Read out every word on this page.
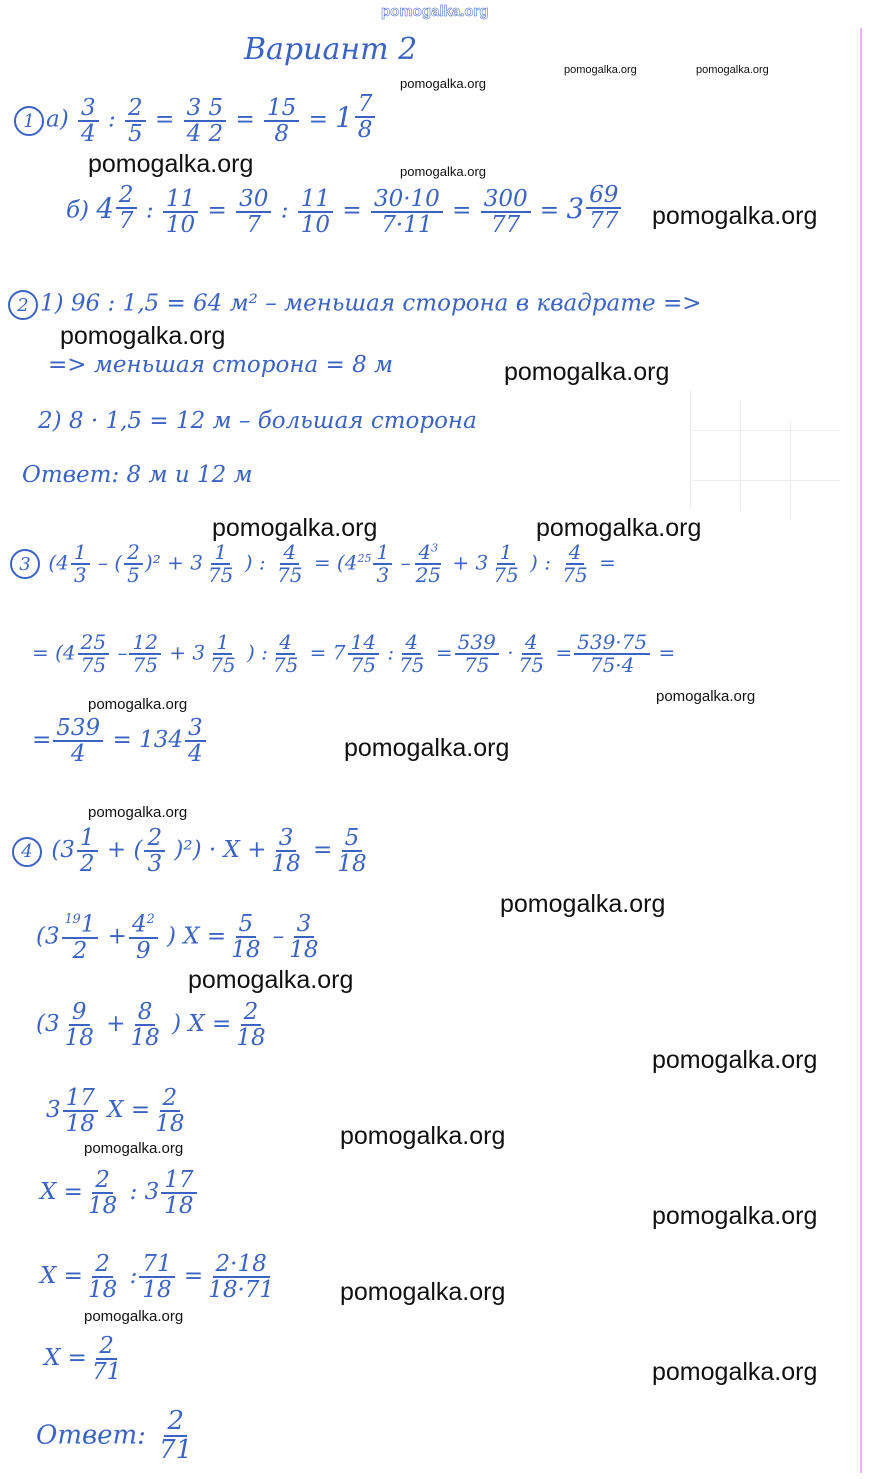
pomogalka.org
Вариант 2
1 $а) \frac{3}{4}$ : $\frac{2}{5} = \frac{3 5}{4 2} = \frac{15}{8} = 1 \frac{7}{8}$
б) $4 \frac{2}{7}$ : $\frac{11}{10} = \frac{30}{7}$ : $\frac{11}{10} = \frac{30\cdot 10}{7\cdot 11} = \frac{300}{77} = 3 \frac{69}{77}$
2 1) 96 : 1,5 = 64 м² – меньшая сторона в квадрате =>
=> меньшая сторона = 8 м
2) 8 · 1,5 = 12 м – большая сторона
Ответ: 8 м и 12 м
3 ($4 \frac{1}{3}$ – ( $\frac{2}{5} )^2 + 3 \frac{1}{75}$ ) : $\frac{4}{75} = (4^{25} \frac{1}{3} - \frac{4^3}{25} + 3 \frac{1}{75}$ ) : $\frac{4}{75}$ =
= ($4 \frac{25}{75} - \frac{12}{75} + 3 \frac{1}{75}$ ) : $\frac{4}{75} = 7 \frac{14}{75}$ : $\frac{4}{75} = \frac{539}{75} \cdot \frac{4}{75} = \frac{539\cdot 75}{75\cdot 4}$ =
= $\frac{539}{4} = 134 \frac{3}{4}$
4 ($3 \frac{1}{2}$ + ( $\frac{2}{3} )^2) \cdot X + \frac{3}{18} = \frac{5}{18}$
($3 \frac{^{19}1}{2} + \frac{4^2}{9}$ ) $X = \frac{5}{18} - \frac{3}{18}$
($3 \frac{9}{18} + \frac{8}{18}$ ) $X = \frac{2}{18}$
$3 \frac{17}{18}$ $X = \frac{2}{18}$
$X = \frac{2}{18}$ : $3 \frac{17}{18}$
$X = \frac{2}{18}$ : $\frac{71}{18} = \frac{2\cdot 18}{18\cdot 71}$
$X = \frac{2}{71}$
Ответ: $\frac{2}{71}$
pomogalka.org
pomogalka.org	pomogalka.org
pomogalka.org	pomogalka.org
pomogalka.org
pomogalka.org
pomogalka.org
pomogalka.org	pomogalka.org
pomogalka.org
pomogalka.org
pomogalka.org
pomogalka.org
pomogalka.org
pomogalka.org
pomogalka.org
pomogalka.org
pomogalka.org
pomogalka.org
pomogalka.org
pomogalka.org
pomogalka.org
